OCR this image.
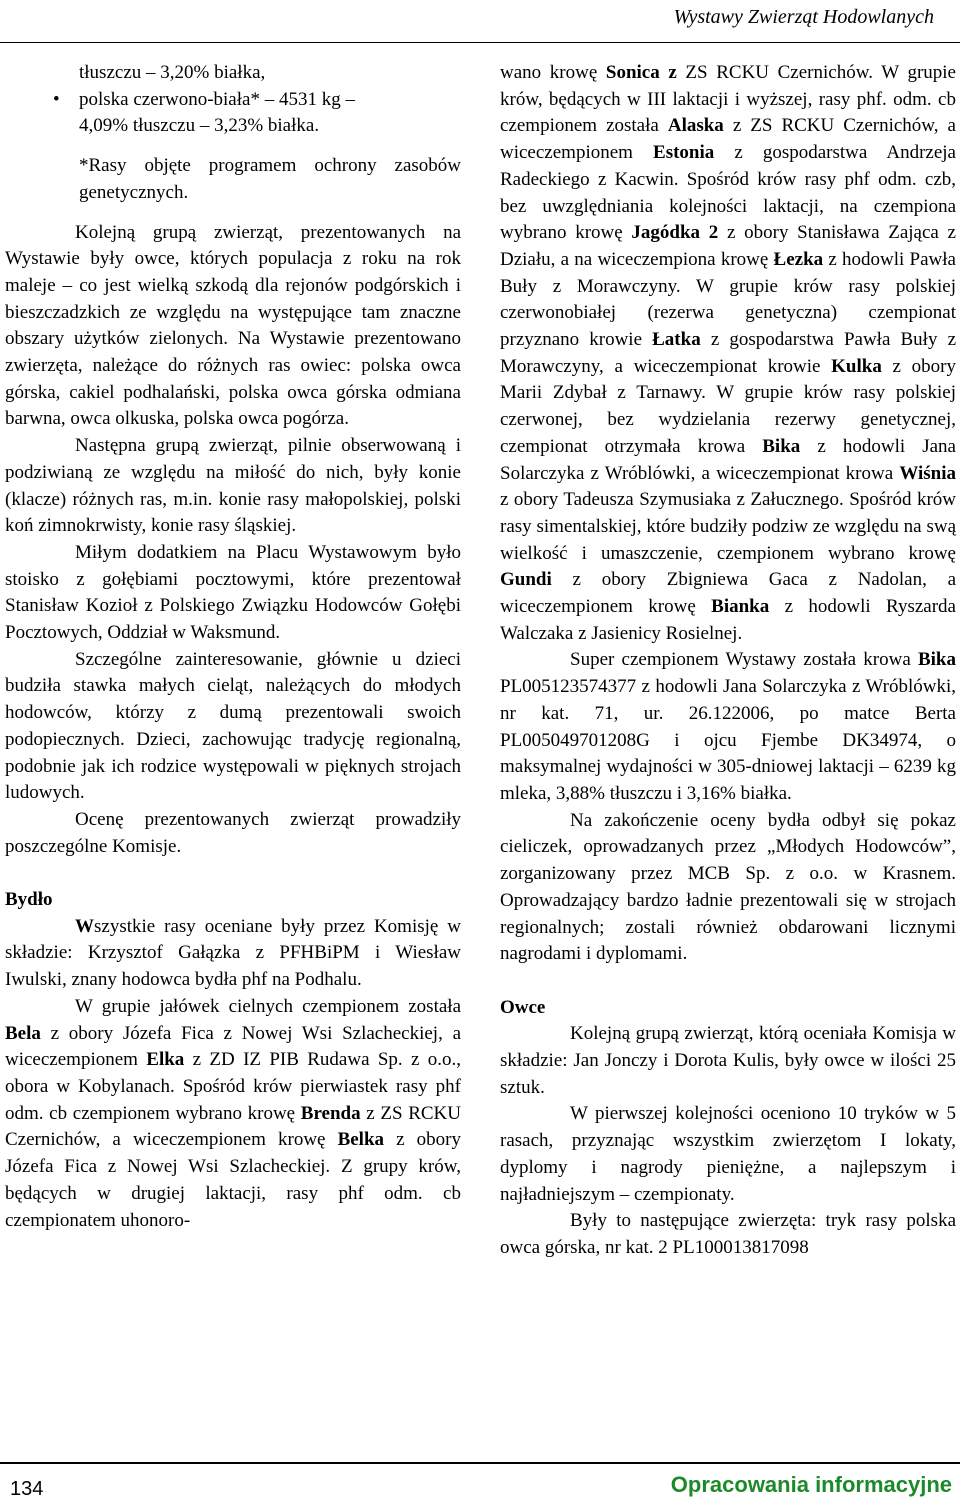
Wystawy Zwierząt Hodowlanych
tłuszczu – 3,20% białka,
• polska czerwono-biała* – 4531 kg –
4,09% tłuszczu – 3,23% białka.

*Rasy objęte programem ochrony zasobów genetycznych.

Kolejną grupą zwierząt, prezentowanych na Wystawie były owce, których populacja z roku na rok maleje – co jest wielką szkodą dla rejonów podgórskich i bieszczadzkich ze względu na występujące tam znaczne obszary użytków zielonych. Na Wystawie prezentowano zwierzęta, należące do różnych ras owiec: polska owca górska, cakiel podhalański, polska owca górska odmiana barwna, owca olkuska, polska owca pogórza.

Następna grupą zwierząt, pilnie obserwowaną i podziwianą ze względu na miłość do nich, były konie (klacze) różnych ras, m.in. konie rasy małopolskiej, polski koń zimnokrwisty, konie rasy śląskiej.

Miłym dodatkiem na Placu Wystawowym było stoisko z gołębiami pocztowymi, które prezentował Stanisław Kozioł z Polskiego Związku Hodowców Gołębi Pocztowych, Oddział w Waksmund.

Szczególne zainteresowanie, głównie u dzieci budziła stawka małych cieląt, należących do młodych hodowców, którzy z dumą prezentowali swoich podopiecznych. Dzieci, zachowując tradycję regionalną, podobnie jak ich rodzice występowali w pięknych strojach ludowych.

Ocenę prezentowanych zwierząt prowadziły poszczególne Komisje.

Bydło

Wszystkie rasy oceniane były przez Komisję w składzie: Krzysztof Gałązka z PFHBiPM i Wiesław Iwulski, znany hodowca bydła phf na Podhalu.

W grupie jałówek cielnych czempionem została Bela z obory Józefa Fica z Nowej Wsi Szlacheckiej, a wiceczempionem Elka z ZD IZ PIB Rudawa Sp. z o.o., obora w Kobylanach. Spośród krów pierwiastek rasy phf odm. cb czempionem wybrano krowę Brenda z ZS RCKU Czernichów, a wiceczempionem krowę Belka z obory Józefa Fica z Nowej Wsi Szlacheckiej. Z grupy krów, będących w drugiej laktacji, rasy phf odm. cb czempionatem uhonoro-

wano krowę Sonica z ZS RCKU Czernichów. W grupie krów, będących w III laktacji i wyższej, rasy phf. odm. cb czempionem została Alaska z ZS RCKU Czernichów, a wiceczempionem Estonia z gospodarstwa Andrzeja Radeckiego z Kacwin. Spośród krów rasy phf odm. czb, bez uwzględniania kolejności laktacji, na czempiona wybrano krowę Jagódka 2 z obory Stanisława Zająca z Działu, a na wiceczempiona krowę Łezka z hodowli Pawła Buły z Morawczyny. W grupie krów rasy polskiej czerwonobiałej (rezerwa genetyczna) czempionat przyznano krowie Łatka z gospodarstwa Pawła Buły z Morawczyny, a wiceczempionat krowie Kulka z obory Marii Zdybał z Tarnawy. W grupie krów rasy polskiej czerwonej, bez wydzielania rezerwy genetycznej, czempionat otrzymała krowa Bika z hodowli Jana Solarczyka z Wróblówki, a wiceczempionat krowa Wiśnia z obory Tadeusza Szymusiaka z Załucznego. Spośród krów rasy simentalskiej, które budziły podziw ze względu na swą wielkość i umaszczenie, czempionem wybrano krowę Gundi z obory Zbigniewa Gaca z Nadolan, a wiceczempionem krowę Bianka z hodowli Ryszarda Walczaka z Jasienicy Rosielnej.

Super czempionem Wystawy została krowa Bika PL005123574377 z hodowli Jana Solarczyka z Wróblówki, nr kat. 71, ur. 26.122006, po matce Berta PL005049701208G i ojcu Fjembe DK34974, o maksymalnej wydajności w 305-dniowej laktacji – 6239 kg mleka, 3,88% tłuszczu i 3,16% białka.

Na zakończenie oceny bydła odbył się pokaz cieliczek, oprowadzanych przez „Młodych Hodowców”, zorganizowany przez MCB Sp. z o.o. w Krasnem. Oprowadzający bardzo ładnie prezentowali się w strojach regionalnych; zostali również obdarowani licznymi nagrodami i dyplomami.

Owce

Kolejną grupą zwierząt, którą oceniała Komisja w składzie: Jan Jonczy i Dorota Kulis, były owce w ilości 25 sztuk.

W pierwszej kolejności oceniono 10 tryków w 5 rasach, przyznając wszystkim zwierzętom I lokaty, dyplomy i nagrody pieniężne, a najlepszym i najładniejszym – czempionaty.

Były to następujące zwierzęta: tryk rasy polska owca górska, nr kat. 2 PL100013817098

134	Opracowania informacyjne
